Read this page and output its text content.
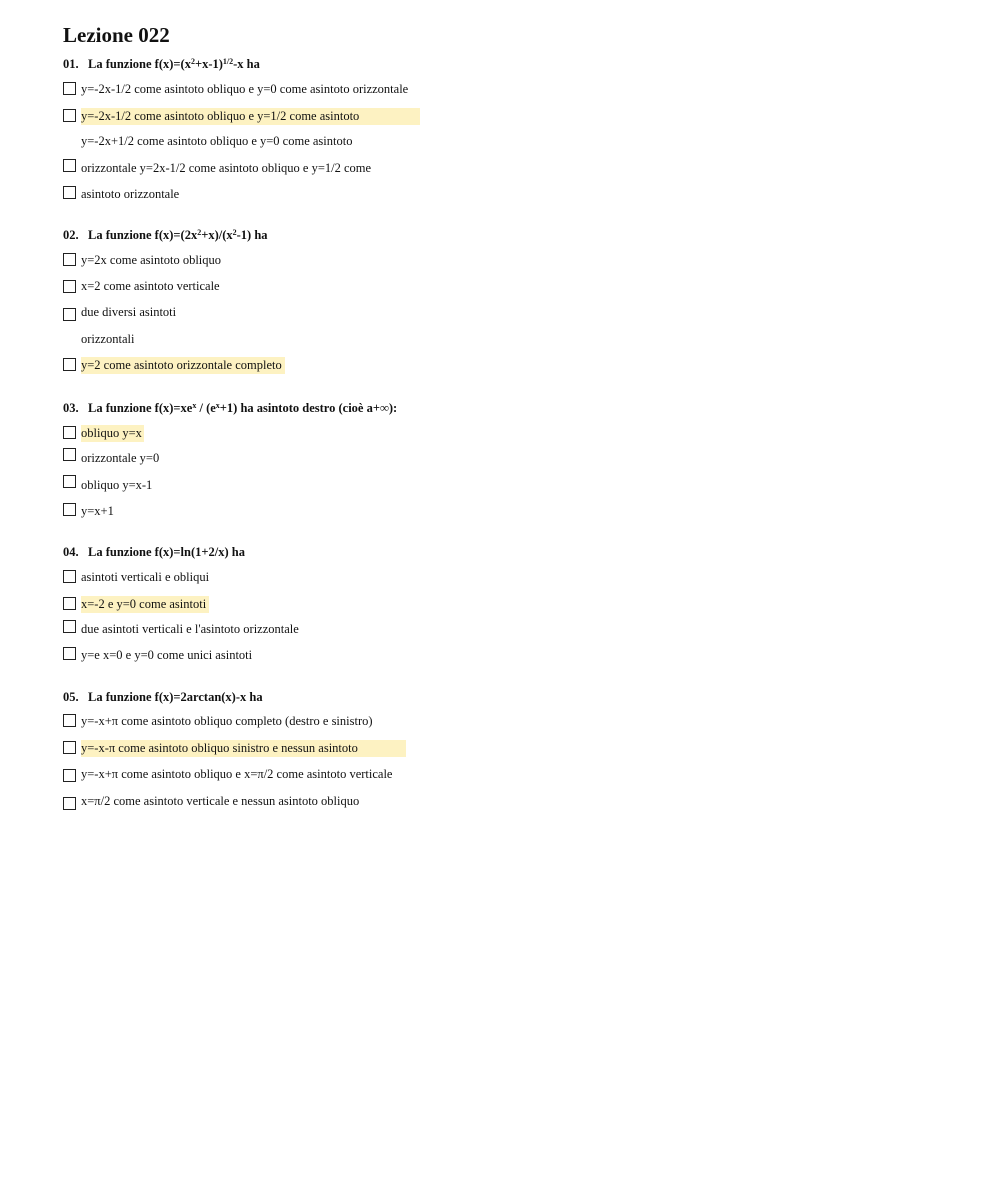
Lezione 022
01. La funzione $f(x)=(x^2+x-1)^{1/2}-x$ ha
y=-2x-1/2 come asintoto obliquo e y=0 come asintoto orizzontale
y=-2x-1/2 come asintoto obliquo e y=1/2 come asintoto
y=-2x+1/2 come asintoto obliquo e y=0 come asintoto
orizzontale y=2x-1/2 come asintoto obliquo e y=1/2 come
asintoto orizzontale
02. La funzione $f(x)=(2x^2+x)/(x^2-1)$ ha
y=2x come asintoto obliquo
x=2 come asintoto verticale
due diversi asintoti
orizzontali
y=2 come asintoto orizzontale completo
03. La funzione $f(x)=xe^x / (e^x+1)$ ha asintoto destro (cioè a+∞):
obliquo y=x
orizzontale y=0
obliquo y=x-1
y=x+1
04. La funzione f(x)=ln(1+2/x) ha
asintoti verticali e obliqui
x=-2 e y=0 come asintoti
due asintoti verticali e l'asintoto orizzontale
y=e x=0 e y=0 come unici asintoti
05. La funzione f(x)=2arctan(x)-x ha
y=-x+π come asintoto obliquo completo (destro e sinistro)
y=-x-π come asintoto obliquo sinistro e nessun asintoto
y=-x+π come asintoto obliquo e x=π/2 come asintoto verticale
x=π/2 come asintoto verticale e nessun asintoto obliquo
